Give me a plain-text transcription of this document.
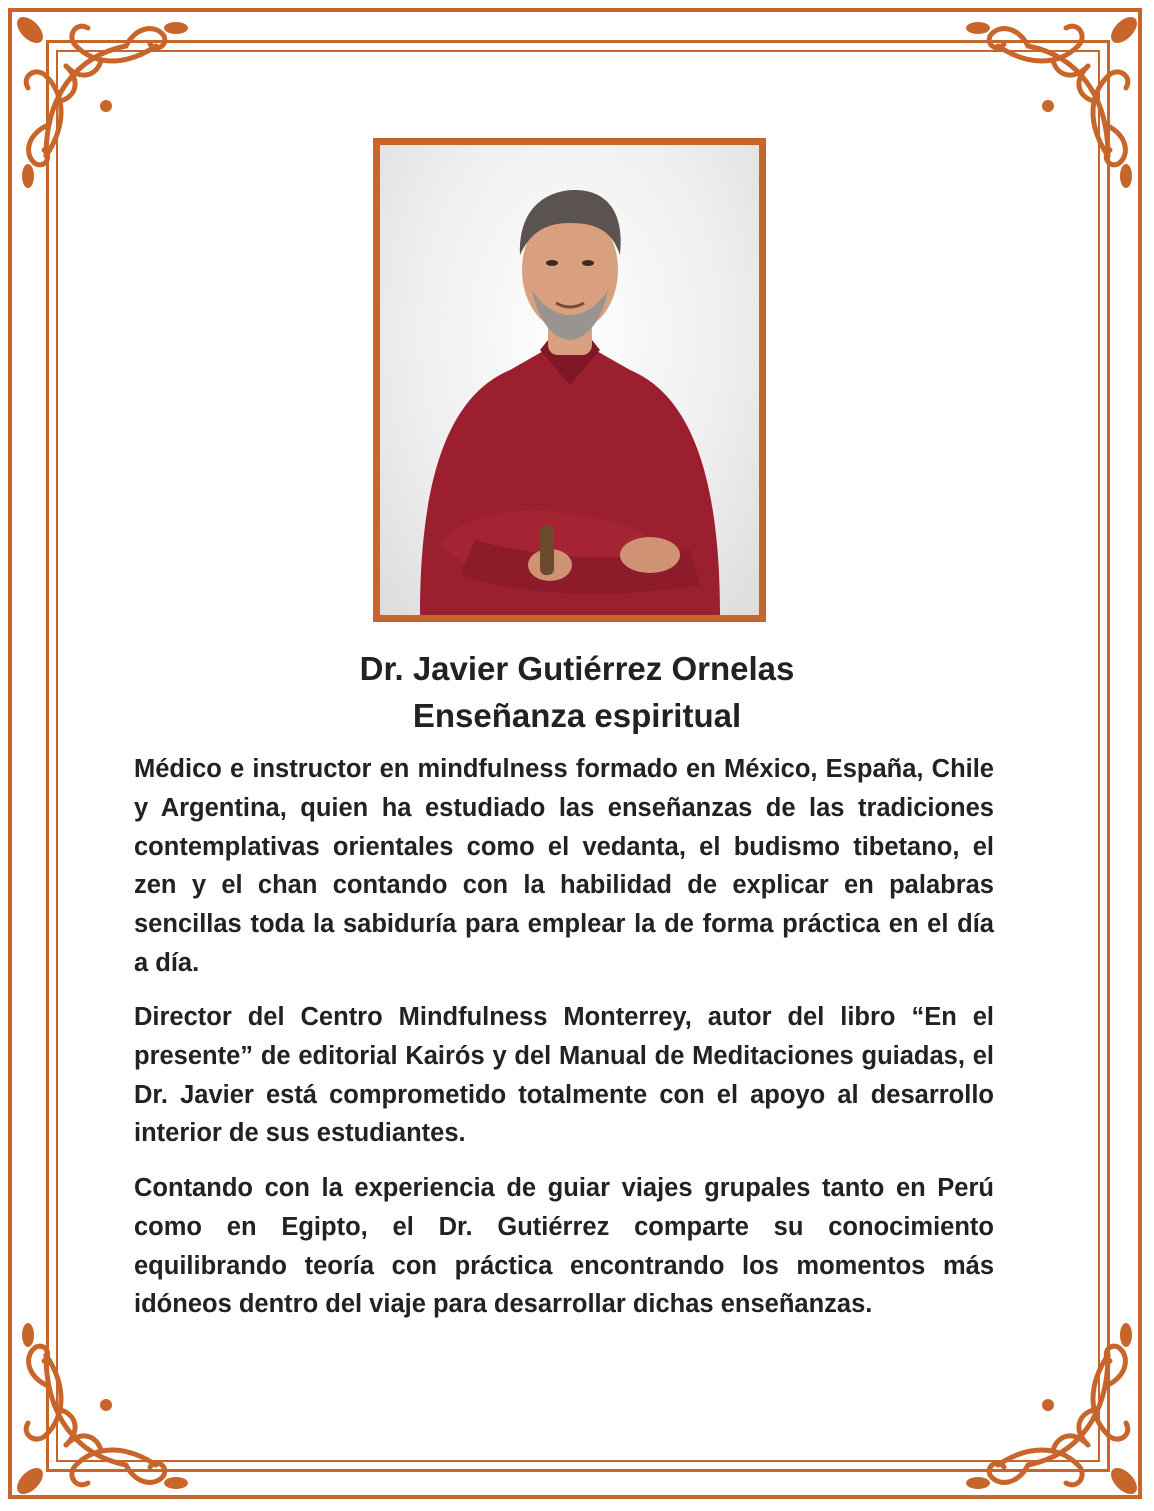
Dr. Javier Gutiérrez Ornelas
Enseñanza espiritual

Médico e instructor en mindfulness formado en México, España, Chile y Argentina, quien ha estudiado las enseñanzas de las tradiciones contemplativas orientales como el vedanta, el budismo tibetano, el zen y el chan contando con la habilidad de explicar en palabras sencillas toda la sabiduría para emplear la de forma práctica en el día a día.

Director del Centro Mindfulness Monterrey, autor del libro “En el presente” de editorial Kairós y del Manual de Meditaciones guiadas, el Dr. Javier está comprometido totalmente con el apoyo al desarrollo interior de sus estudiantes.

Contando con la experiencia de guiar viajes grupales tanto en Perú como en Egipto, el Dr. Gutiérrez comparte su conocimiento equilibrando teoría con práctica encontrando los momentos más idóneos dentro del viaje para desarrollar dichas enseñanzas.
